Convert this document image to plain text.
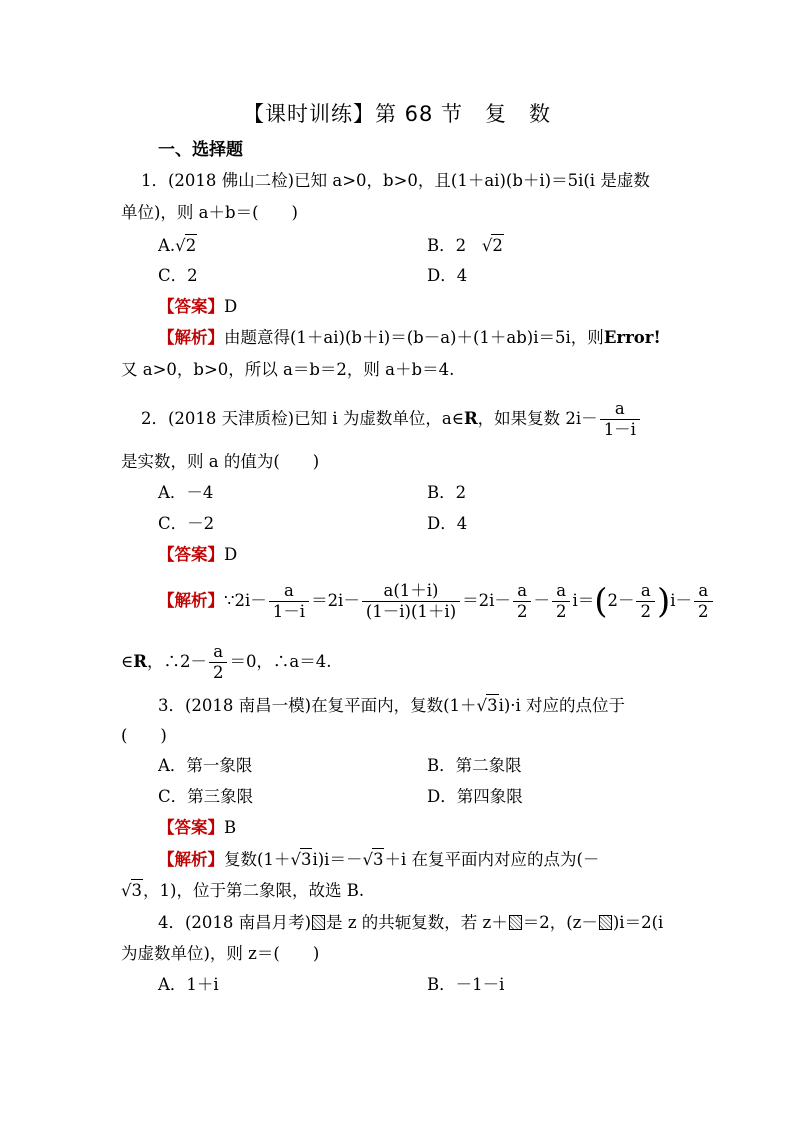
【课时训练】第 68 节　复　数
一、选择题
1．(2018 佛山二检)已知 a>0，b>0，且(1＋ai)(b＋i)＝5i(i 是虚数
单位)，则 a＋b＝(　　)
A.√2	B．2   √2
C．2	D．4
【答案】D
【解析】由题意得(1＋ai)(b＋i)＝(b－a)＋(1＋ab)i＝5i，则Error!
又 a>0，b>0，所以 a＝b＝2，则 a＋b＝4.
2．(2018 天津质检)已知 i 为虚数单位，a∈R，如果复数 $2i- \frac{a}{1-i}$
是实数，则 a 的值为(　　)
A．－4	B．2
C．－2	D．4
【答案】D
【解析】∵2i－ $\frac{a}{1-i} =2i- \frac{a(1+i)}{(1-i)(1+i)} =2i- \frac{a}{2} - \frac{a}{2} i=(2- \frac{a}{2} )i- \frac{a}{2}$
∈R，∴2－ $\frac{a}{2} =0$，∴a＝4.
3．(2018 南昌一模)在复平面内，复数(1＋√3i)·i 对应的点位于
(　　)
A．第一象限	B．第二象限
C．第三象限	D．第四象限
【答案】B
【解析】复数(1＋√3i)i＝－√3＋i 在复平面内对应的点为(－
√3，1)，位于第二象限，故选 B.
4．(2018 南昌月考) 是 z 的共轭复数，若 z＋ ＝2，(z－ )i＝2(i
为虚数单位)，则 z＝(　　)
A．1＋i	B．－1－i
